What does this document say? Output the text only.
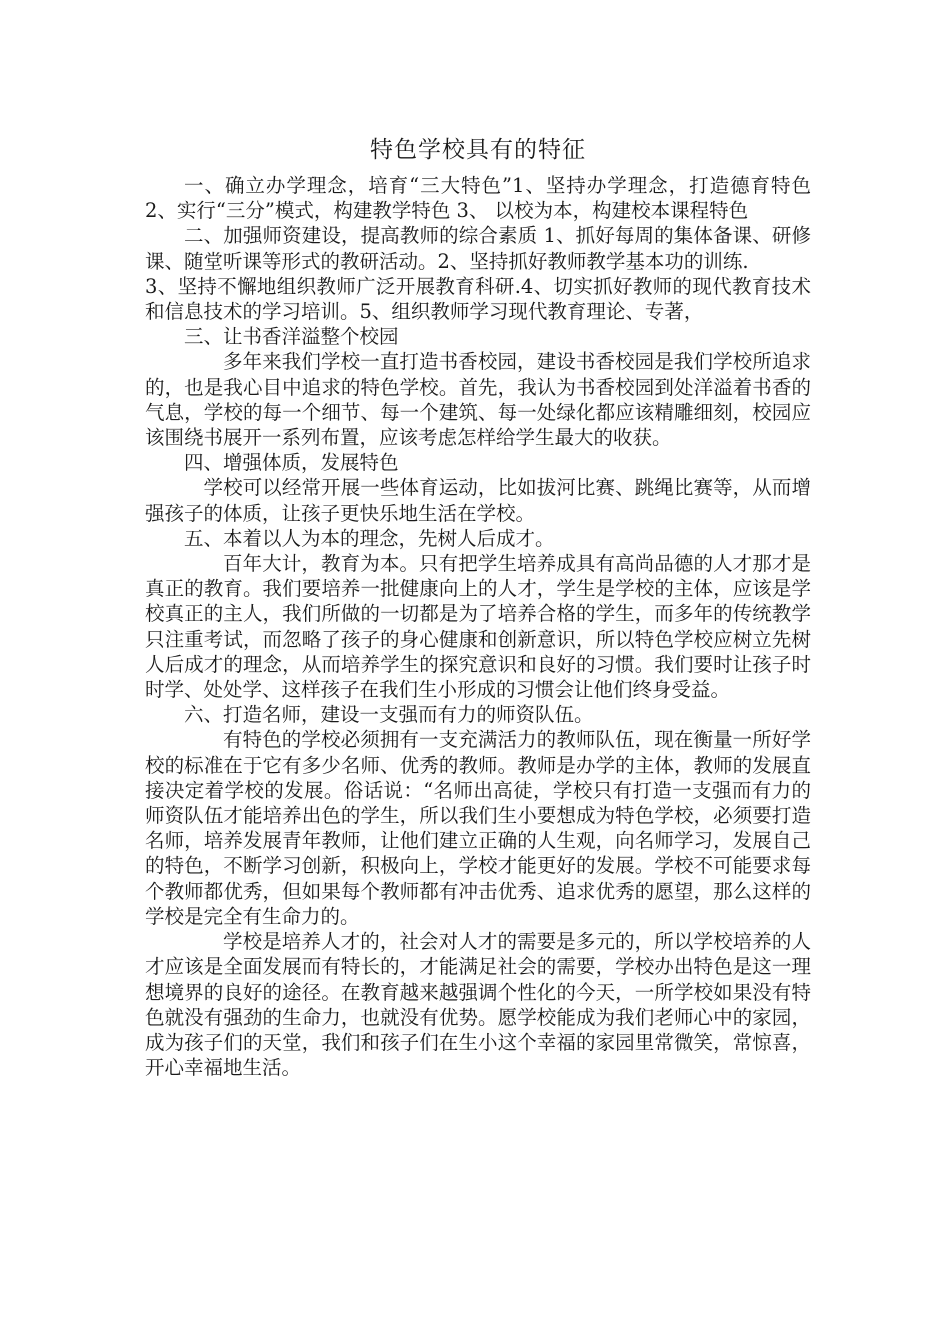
特色学校具有的特征

一、确立办学理念，培育“三大特色”1、坚持办学理念，打造德育特色 2、实行“三分”模式，构建教学特色 3、 以校为本，构建校本课程特色

二、加强师资建设，提高教师的综合素质 1、抓好每周的集体备课、研修课、随堂听课等形式的教研活动。2、坚持抓好教师教学基本功的训练.

3、坚持不懈地组织教师广泛开展教育科研.4、切实抓好教师的现代教育技术和信息技术的学习培训。5、组织教师学习现代教育理论、专著，

三、让书香洋溢整个校园

多年来我们学校一直打造书香校园，建设书香校园是我们学校所追求的，也是我心目中追求的特色学校。首先，我认为书香校园到处洋溢着书香的气息，学校的每一个细节、每一个建筑、每一处绿化都应该精雕细刻，校园应该围绕书展开一系列布置，应该考虑怎样给学生最大的收获。

四、增强体质，发展特色

学校可以经常开展一些体育运动，比如拔河比赛、跳绳比赛等，从而增强孩子的体质，让孩子更快乐地生活在学校。

五、本着以人为本的理念，先树人后成才。

百年大计，教育为本。只有把学生培养成具有高尚品德的人才那才是真正的教育。我们要培养一批健康向上的人才，学生是学校的主体，应该是学校真正的主人，我们所做的一切都是为了培养合格的学生，而多年的传统教学只注重考试，而忽略了孩子的身心健康和创新意识，所以特色学校应树立先树人后成才的理念，从而培养学生的探究意识和良好的习惯。我们要时让孩子时时学、处处学、这样孩子在我们生小形成的习惯会让他们终身受益。

六、打造名师，建设一支强而有力的师资队伍。

有特色的学校必须拥有一支充满活力的教师队伍，现在衡量一所好学校的标准在于它有多少名师、优秀的教师。教师是办学的主体，教师的发展直接决定着学校的发展。俗话说：“名师出高徒，学校只有打造一支强而有力的师资队伍才能培养出色的学生，所以我们生小要想成为特色学校，必须要打造名师，培养发展青年教师，让他们建立正确的人生观，向名师学习，发展自己的特色，不断学习创新，积极向上，学校才能更好的发展。学校不可能要求每个教师都优秀，但如果每个教师都有冲击优秀、追求优秀的愿望，那么这样的学校是完全有生命力的。

学校是培养人才的，社会对人才的需要是多元的，所以学校培养的人才应该是全面发展而有特长的，才能满足社会的需要，学校办出特色是这一理想境界的良好的途径。在教育越来越强调个性化的今天，一所学校如果没有特色就没有强劲的生命力，也就没有优势。愿学校能成为我们老师心中的家园，成为孩子们的天堂，我们和孩子们在生小这个幸福的家园里常微笑，常惊喜，开心幸福地生活。
